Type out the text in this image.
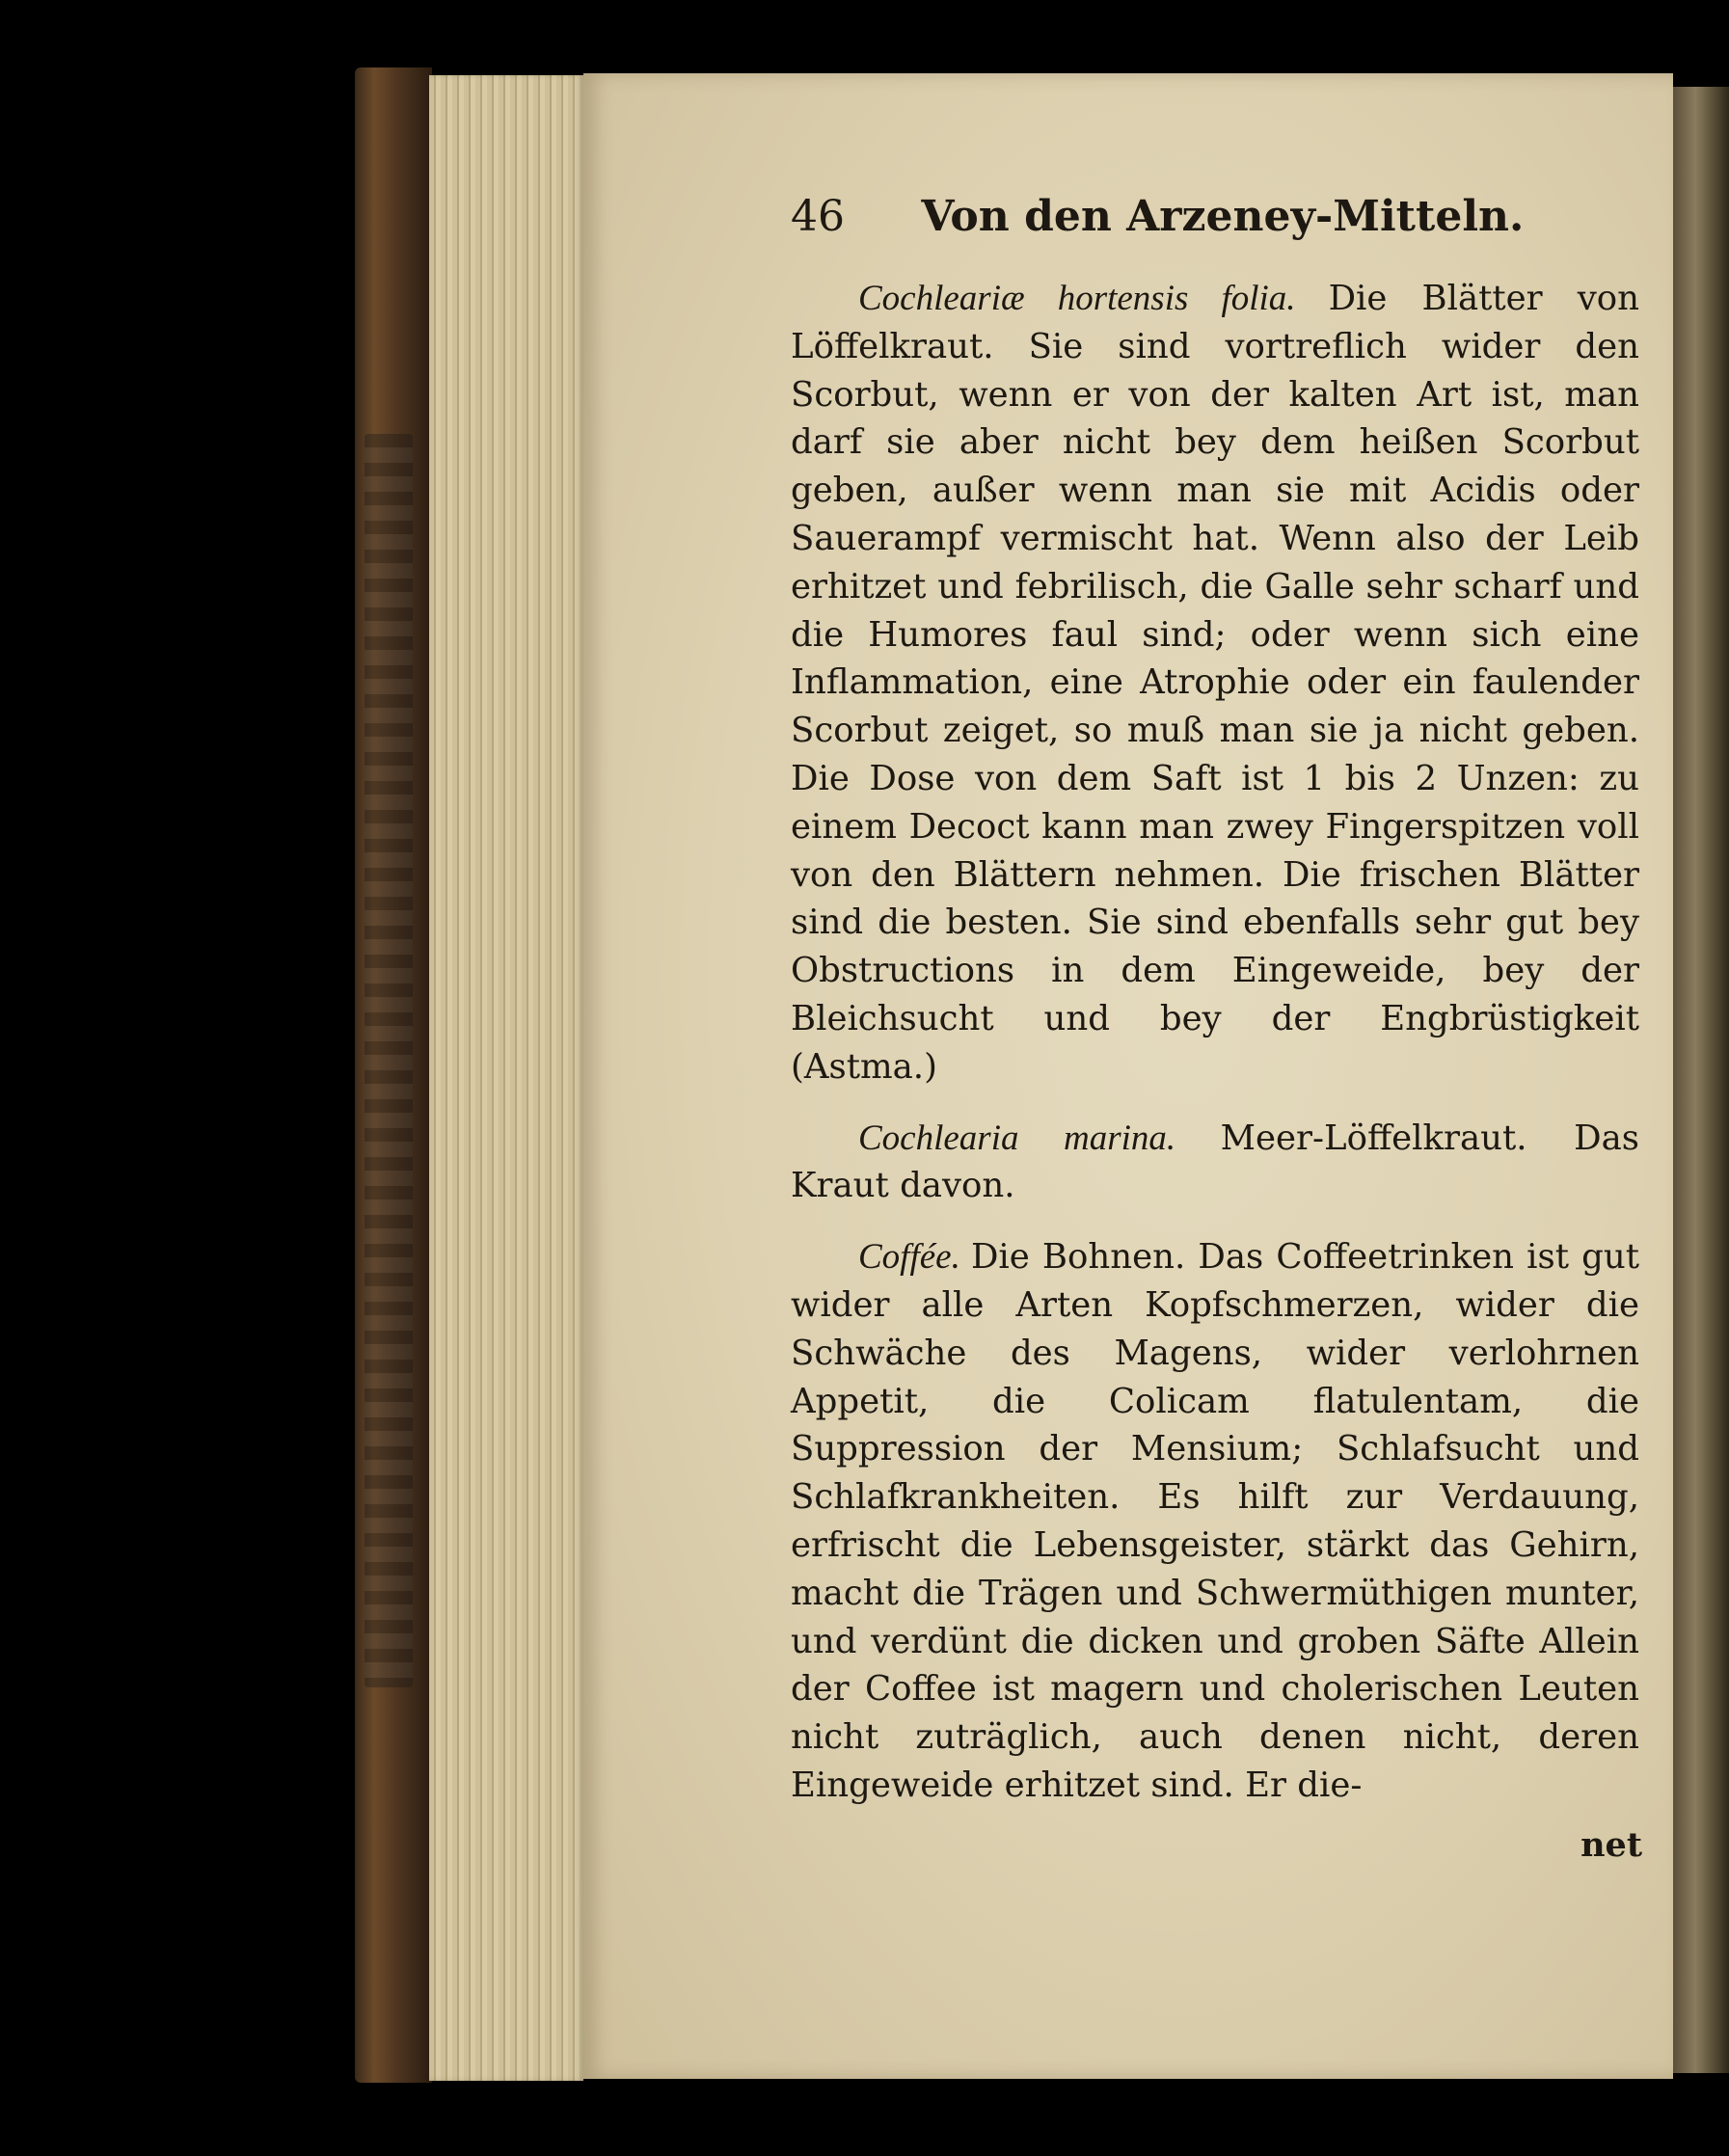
46 Von den Arzeney-Mitteln.

Cochleariæ hortensis folia. Die Blätter von Löffelkraut. Sie sind vortreflich wider den Scorbut, wenn er von der kalten Art ist, man darf sie aber nicht bey dem heißen Scorbut geben, außer wenn man sie mit Acidis oder Sauerampf vermischt hat. Wenn also der Leib erhitzet und febrilisch, die Galle sehr scharf und die Humores faul sind; oder wenn sich eine Inflammation, eine Atrophie oder ein faulender Scorbut zeiget, so muß man sie ja nicht geben. Die Dose von dem Saft ist 1 bis 2 Unzen: zu einem Decoct kann man zwey Fingerspitzen voll von den Blättern nehmen. Die frischen Blätter sind die besten. Sie sind ebenfalls sehr gut bey Obstructions in dem Eingeweide, bey der Bleichsucht und bey der Engbrüstigkeit (Astma.)

Cochlearia marina. Meer-Löffelkraut. Das Kraut davon.

Coffée. Die Bohnen. Das Coffeetrinken ist gut wider alle Arten Kopfschmerzen, wider die Schwäche des Magens, wider verlohrnen Appetit, die Colicam flatulentam, die Suppression der Mensium; Schlafsucht und Schlafkrankheiten. Es hilft zur Verdauung, erfrischt die Lebensgeister, stärkt das Gehirn, macht die Trägen und Schwermüthigen munter, und verdünt die dicken und groben Säfte Allein der Coffee ist magern und cholerischen Leuten nicht zuträglich, auch denen nicht, deren Eingeweide erhitzet sind. Er die-

net
